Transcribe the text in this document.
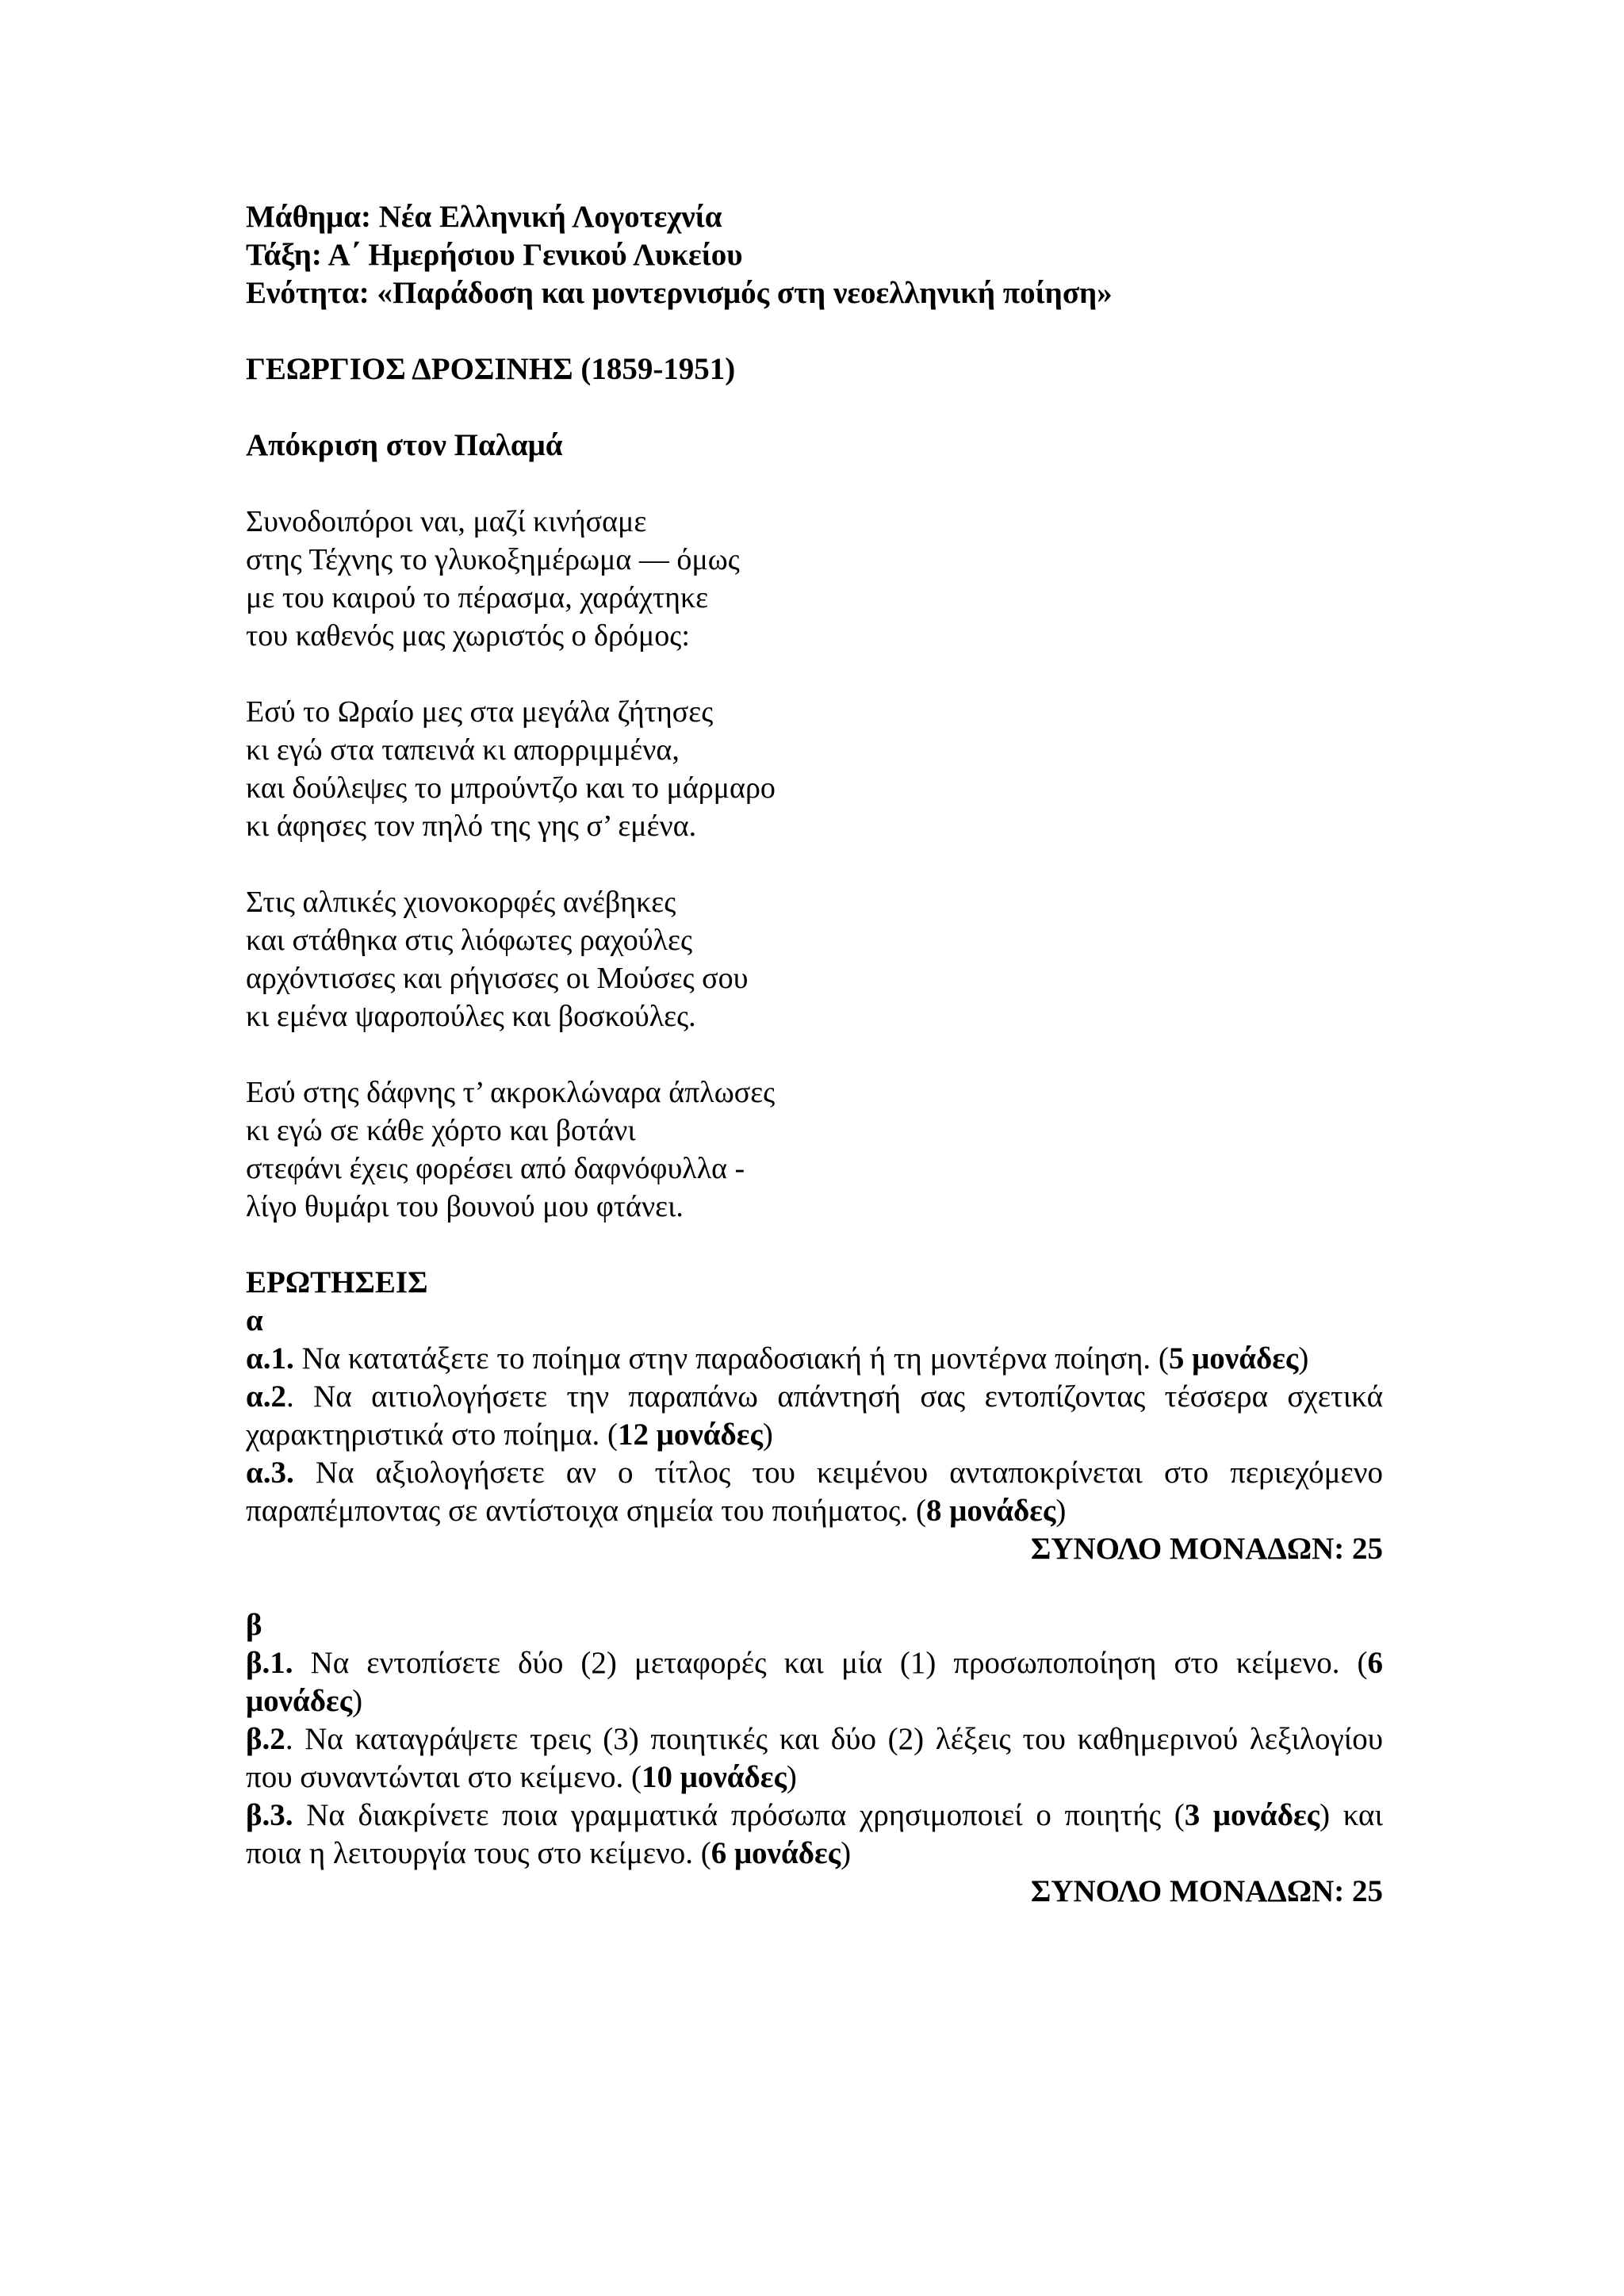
Μάθημα: Νέα Ελληνική Λογοτεχνία
Τάξη: Α΄ Ημερήσιου Γενικού Λυκείου
Ενότητα: «Παράδοση και μοντερνισμός στη νεοελληνική ποίηση»
ΓΕΩΡΓΙΟΣ ΔΡΟΣΙΝΗΣ (1859-1951)
Απόκριση στον Παλαμά
Συνοδοιπόροι ναι, μαζί κινήσαμε
στης Τέχνης το γλυκοξημέρωμα — όμως
με του καιρού το πέρασμα, χαράχτηκε
του καθενός μας χωριστός ο δρόμος:
Εσύ το Ωραίο μες στα μεγάλα ζήτησες
κι εγώ στα ταπεινά κι απορριμμένα,
και δούλεψες το μπρούντζο και το μάρμαρο
κι άφησες τον πηλό της γης σ’ εμένα.
Στις αλπικές χιονοκορφές ανέβηκες
και στάθηκα στις λιόφωτες ραχούλες
αρχόντισσες και ρήγισσες οι Μούσες σου
κι εμένα ψαροπούλες και βοσκούλες.
Εσύ στης δάφνης τ’ ακροκλώναρα άπλωσες
κι εγώ σε κάθε χόρτο και βοτάνι
στεφάνι έχεις φορέσει από δαφνόφυλλα -
λίγο θυμάρι του βουνού μου φτάνει.
ΕΡΩΤΗΣΕΙΣ
α
α.1. Να κατατάξετε το ποίημα στην παραδοσιακή ή τη μοντέρνα ποίηση. (5 μονάδες)
α.2. Να αιτιολογήσετε την παραπάνω απάντησή σας εντοπίζοντας τέσσερα σχετικά χαρακτηριστικά στο ποίημα. (12 μονάδες)
α.3. Να αξιολογήσετε αν ο τίτλος του κειμένου ανταποκρίνεται στο περιεχόμενο παραπέμποντας σε αντίστοιχα σημεία του ποιήματος. (8 μονάδες)
ΣΥΝΟΛΟ ΜΟΝΑΔΩΝ: 25
β
β.1. Να εντοπίσετε δύο (2) μεταφορές και μία (1) προσωποποίηση στο κείμενο. (6 μονάδες)
β.2. Να καταγράψετε τρεις (3) ποιητικές και δύο (2) λέξεις του καθημερινού λεξιλογίου που συναντώνται στο κείμενο. (10 μονάδες)
β.3. Να διακρίνετε ποια γραμματικά πρόσωπα χρησιμοποιεί ο ποιητής (3 μονάδες) και ποια η λειτουργία τους στο κείμενο. (6 μονάδες)
ΣΥΝΟΛΟ ΜΟΝΑΔΩΝ: 25
